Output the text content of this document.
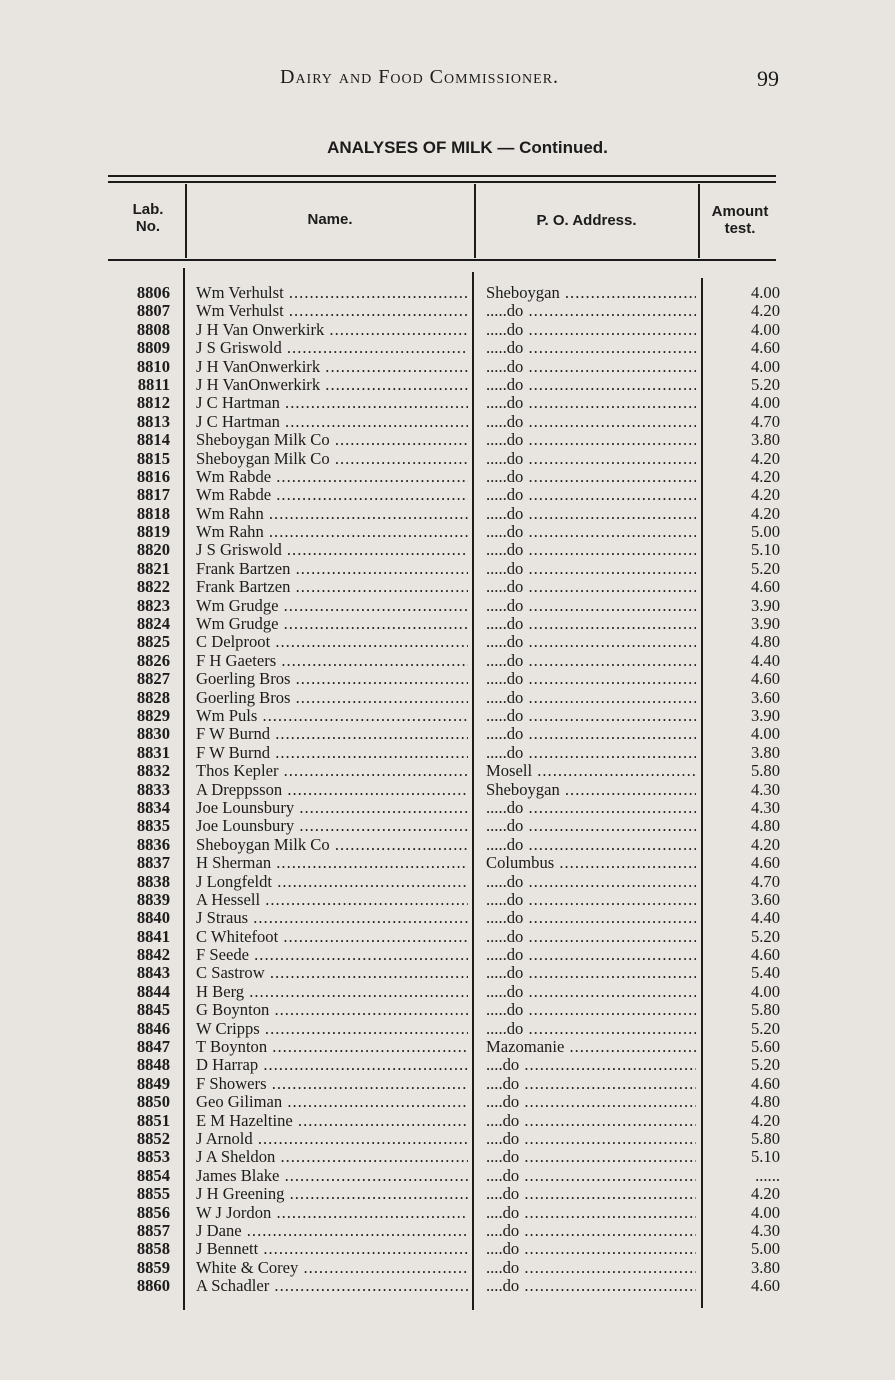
Dairy and Food Commissioner.	99
ANALYSES OF MILK — Continued.
Lab.
No.	Name.	P. O. Address.
Amount
test.
8806 Wm Verhulst .....	Sheboygan .....	4.00
8807 Wm Verhulst .....	.....do .....	4.20
8808 J H Van Onwerkirk .....	.....do .....	4.00
8809 J S Griswold .....	.....do .....	4.60
8810 J H VanOnwerkirk .....	.....do .....	4.00
8811 J H VanOnwerkirk .....	.....do .....	5.20
8812 J C Hartman .....	.....do .....	4.00
8813 J C Hartman .....	.....do .....	4.70
8814 Sheboygan Milk Co .....	.....do .....	3.80
8815 Sheboygan Milk Co .....	.....do .....	4.20
8816 Wm Rabde .....	.....do .....	4.20
8817 Wm Rabde .....	.....do .....	4.20
8818 Wm Rahn .....	.....do .....	4.20
8819 Wm Rahn .....	.....do .....	5.00
8820 J S Griswold .....	.....do .....	5.10
8821 Frank Bartzen .....	.....do .....	5.20
8822 Frank Bartzen .....	.....do .....	4.60
8823 Wm Grudge .....	.....do .....	3.90
8824 Wm Grudge .....	.....do .....	3.90
8825 C Delproot .....	.....do .....	4.80
8826 F H Gaeters .....	.....do .....	4.40
8827 Goerling Bros .....	.....do .....	4.60
8828 Goerling Bros .....	.....do .....	3.60
8829 Wm Puls .....	.....do .....	3.90
8830 F W Burnd .....	.....do .....	4.00
8831 F W Burnd .....	.....do .....	3.80
8832 Thos Kepler .....	Mosell .....	5.80
8833 A Dreppsson .....	Sheboygan .....	4.30
8834 Joe Lounsbury .....	.....do .....	4.30
8835 Joe Lounsbury .....	.....do .....	4.80
8836 Sheboygan Milk Co .....	.....do .....	4.20
8837 H Sherman .....	Columbus .....	4.60
8838 J Longfeldt .....	.....do .....	4.70
8839 A Hessell .....	.....do .....	3.60
8840 J Straus .....	.....do .....	4.40
8841 C Whitefoot .....	.....do .....	5.20
8842 F Seede .....	.....do .....	4.60
8843 C Sastrow .....	.....do .....	5.40
8844 H Berg .....	.....do .....	4.00
8845 G Boynton .....	.....do .....	5.80
8846 W Cripps .....	.....do .....	5.20
8847 T Boynton .....	Mazomanie .....	5.60
8848 D Harrap .....	....do .....	5.20
8849 F Showers .....	....do .....	4.60
8850 Geo Giliman .....	....do .....	4.80
8851 E M Hazeltine .....	....do .....	4.20
8852 J Arnold .....	....do .....	5.80
8853 J A Sheldon .....	....do .....	5.10
8854 James Blake .....	....do .....	......
8855 J H Greening .....	....do .....	4.20
8856 W J Jordon .....	....do .....	4.00
8857 J Dane .....	....do .....	4.30
8858 J Bennett .....	....do .....	5.00
8859 White & Corey .....	....do .....	3.80
8860 A Schadler .....	....do .....	4.60
